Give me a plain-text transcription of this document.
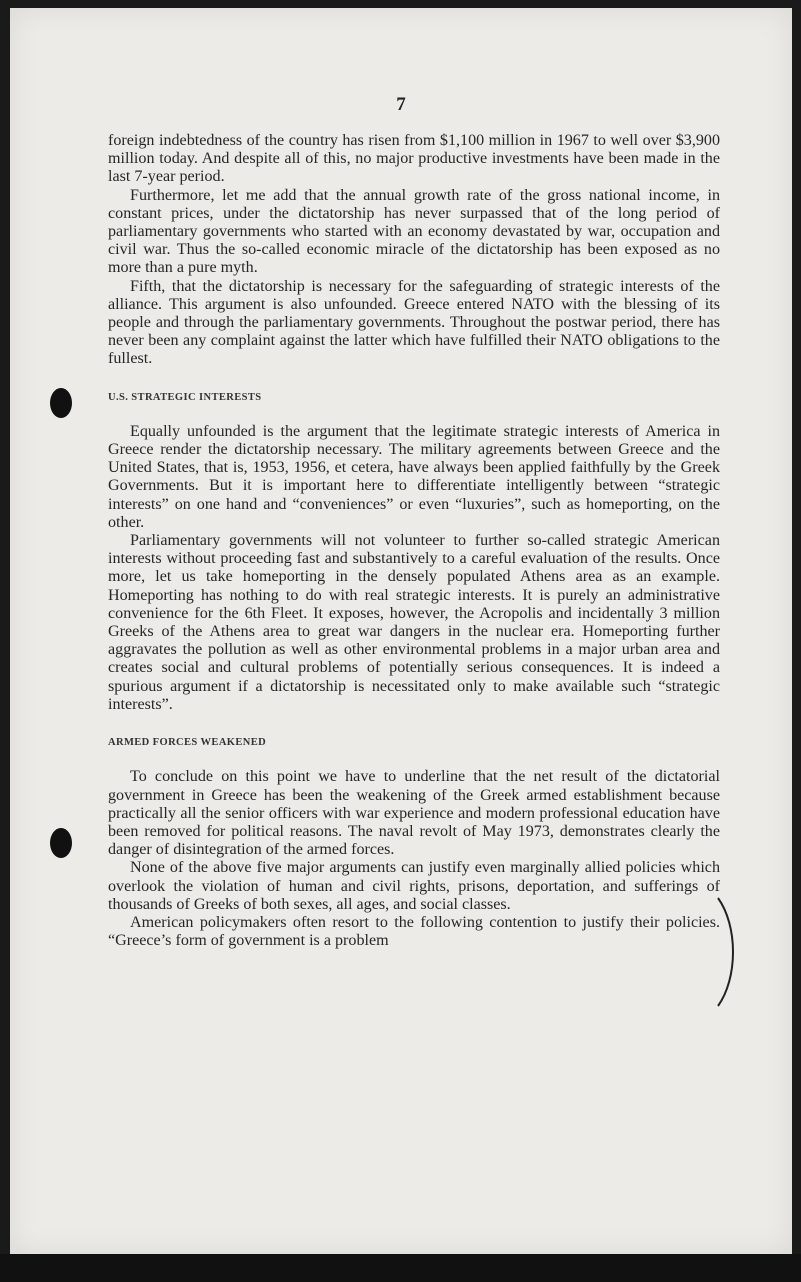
7

foreign indebtedness of the country has risen from $1,100 million in 1967 to well over $3,900 million today. And despite all of this, no major productive investments have been made in the last 7-year period.

Furthermore, let me add that the annual growth rate of the gross national income, in constant prices, under the dictatorship has never surpassed that of the long period of parliamentary governments who started with an economy devastated by war, occupation and civil war. Thus the so-called economic miracle of the dictatorship has been exposed as no more than a pure myth.

Fifth, that the dictatorship is necessary for the safeguarding of strategic interests of the alliance. This argument is also unfounded. Greece entered NATO with the blessing of its people and through the parliamentary governments. Throughout the postwar period, there has never been any complaint against the latter which have fulfilled their NATO obligations to the fullest.

U.S. STRATEGIC INTERESTS

Equally unfounded is the argument that the legitimate strategic interests of America in Greece render the dictatorship necessary. The military agreements between Greece and the United States, that is, 1953, 1956, et cetera, have always been applied faithfully by the Greek Governments. But it is important here to differentiate intelligently between “strategic interests” on one hand and “conveniences” or even “luxuries”, such as homeporting, on the other.

Parliamentary governments will not volunteer to further so-called strategic American interests without proceeding fast and substantively to a careful evaluation of the results. Once more, let us take homeporting in the densely populated Athens area as an example. Homeporting has nothing to do with real strategic interests. It is purely an administrative convenience for the 6th Fleet. It exposes, however, the Acropolis and incidentally 3 million Greeks of the Athens area to great war dangers in the nuclear era. Homeporting further aggravates the pollution as well as other environmental problems in a major urban area and creates social and cultural problems of potentially serious consequences. It is indeed a spurious argument if a dictatorship is necessitated only to make available such “strategic interests”.

ARMED FORCES WEAKENED

To conclude on this point we have to underline that the net result of the dictatorial government in Greece has been the weakening of the Greek armed establishment because practically all the senior officers with war experience and modern professional education have been removed for political reasons. The naval revolt of May 1973, demonstrates clearly the danger of disintegration of the armed forces.

None of the above five major arguments can justify even marginally allied policies which overlook the violation of human and civil rights, prisons, deportation, and sufferings of thousands of Greeks of both sexes, all ages, and social classes.

American policymakers often resort to the following contention to justify their policies. “Greece’s form of government is a problem
